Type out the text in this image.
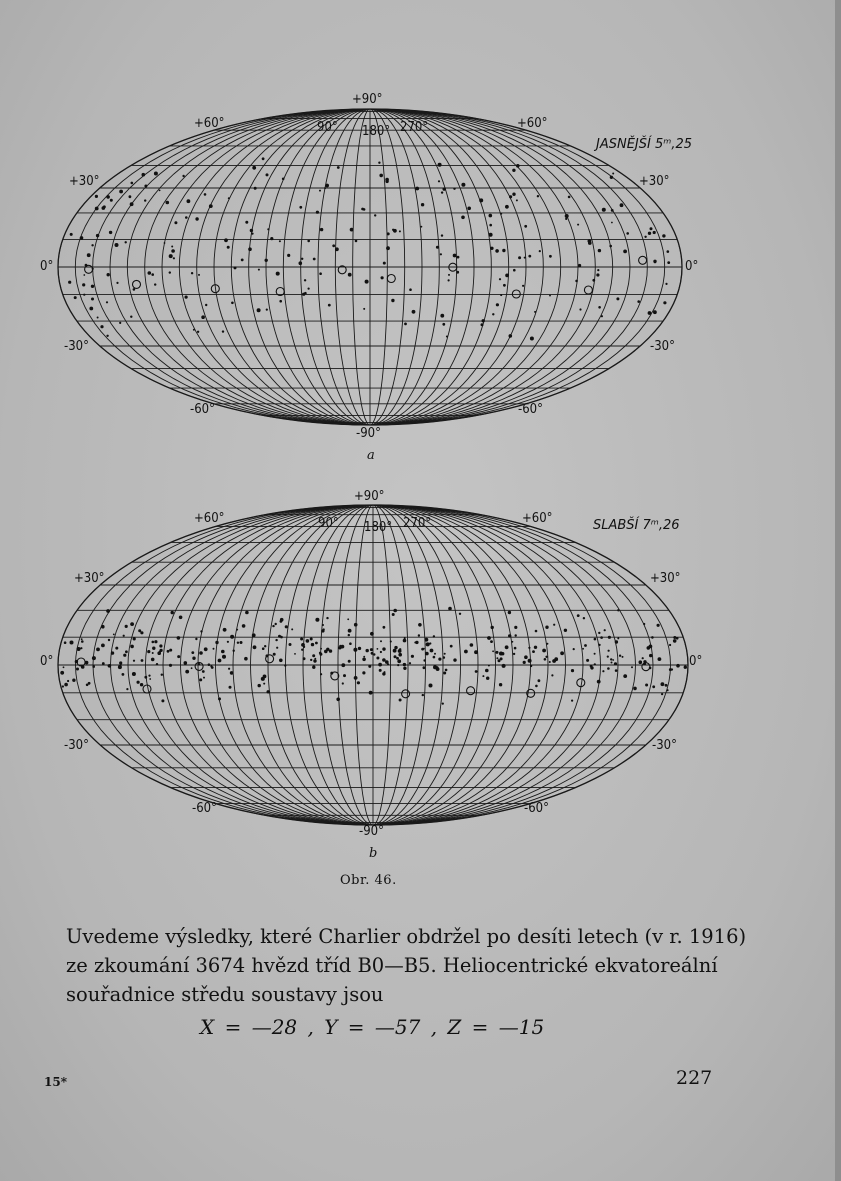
+90°
+60°	+60°
+30°	+30°
0°	0°
-30°	-30°
-60°	-60°
-90°
90° 180° 270°
JASNĚJŠÍ 5ᵐ,25
a
+90°
+60°	+60°
+30°	+30°
0°	0°
-30°	-30°
-60°	-60°
-90°
90° 180° 270°	SLABŠÍ 7ᵐ,26
b
Obr. 46.
Uvedeme výsledky, které Charlier obdržel po desíti letech (v r. 1916)
ze zkoumání 3674 hvězd tříd B0—B5. Heliocentrické ekvatoreální
souřadnice středu soustavy jsou
X = —28 , Y = —57 , Z = —15
15*	227
